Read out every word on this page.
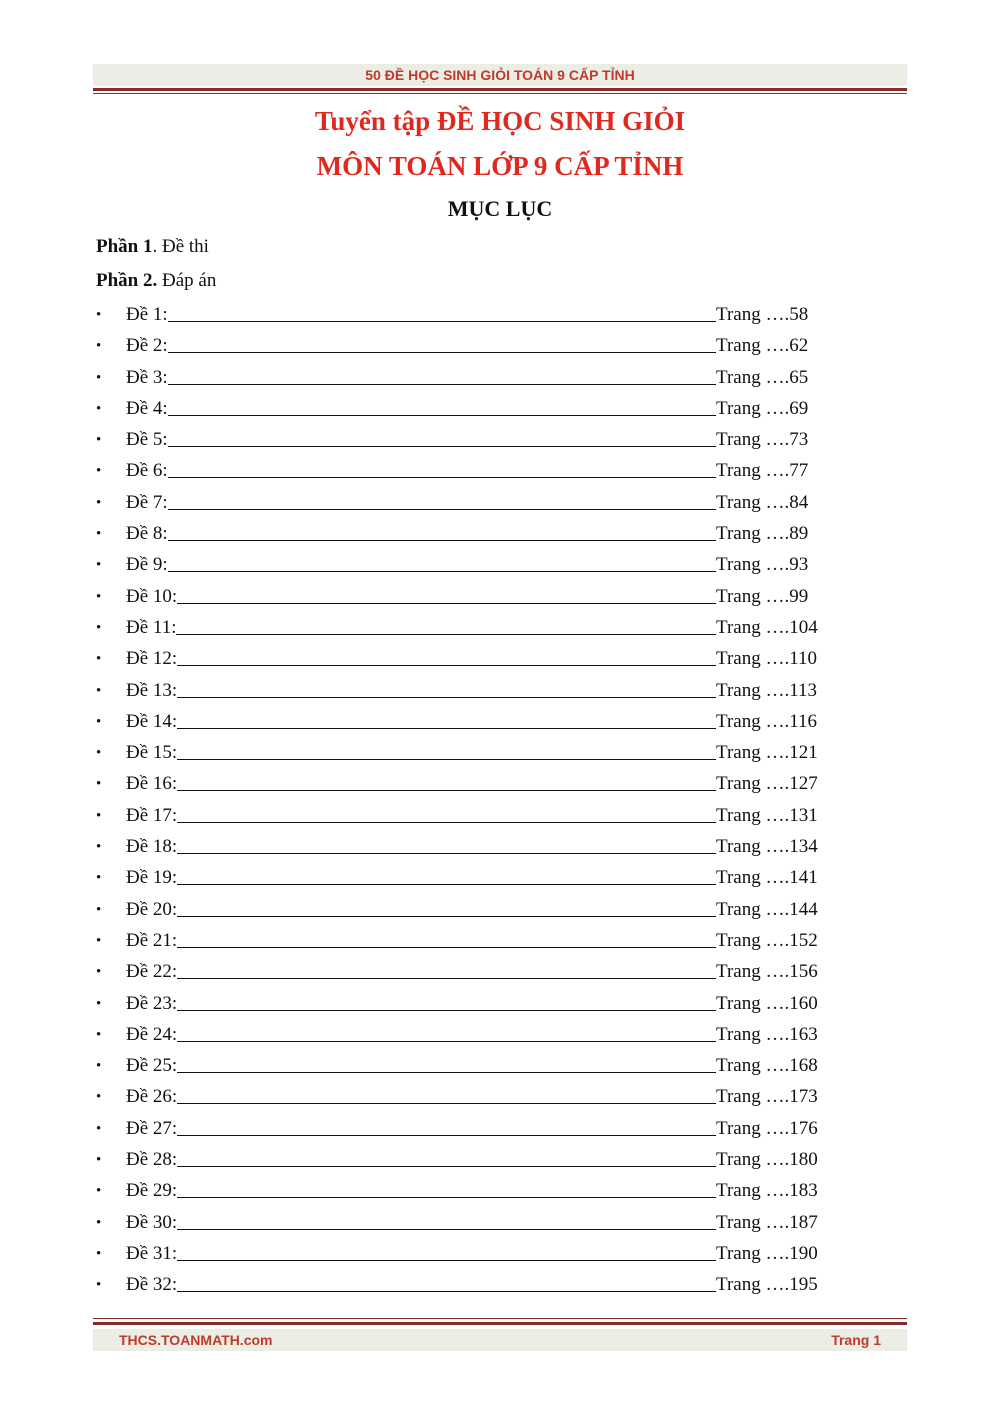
50 ĐỀ HỌC SINH GIỎI TOÁN 9 CẤP TỈNH
Tuyển tập ĐỀ HỌC SINH GIỎI
MÔN TOÁN LỚP 9 CẤP TỈNH
MỤC LỤC
Phần 1. Đề thi
Phần 2. Đáp án
•	Đề 1:	Trang ….58
•	Đề 2:	Trang ….62
•	Đề 3:	Trang ….65
•	Đề 4:	Trang ….69
•	Đề 5:	Trang ….73
•	Đề 6:	Trang ….77
•	Đề 7:	Trang ….84
•	Đề 8:	Trang ….89
•	Đề 9:	Trang ….93
•	Đề 10:	Trang ….99
•	Đề 11:	Trang ….104
•	Đề 12:	Trang ….110
•	Đề 13:	Trang ….113
•	Đề 14:	Trang ….116
•	Đề 15:	Trang ….121
•	Đề 16:	Trang ….127
•	Đề 17:	Trang ….131
•	Đề 18:	Trang ….134
•	Đề 19:	Trang ….141
•	Đề 20:	Trang ….144
•	Đề 21:	Trang ….152
•	Đề 22:	Trang ….156
•	Đề 23:	Trang ….160
•	Đề 24:	Trang ….163
•	Đề 25:	Trang ….168
•	Đề 26:	Trang ….173
•	Đề 27:	Trang ….176
•	Đề 28:	Trang ….180
•	Đề 29:	Trang ….183
•	Đề 30:	Trang ….187
•	Đề 31:	Trang ….190
•	Đề 32:	Trang ….195
THCS.TOANMATH.com	Trang 1
